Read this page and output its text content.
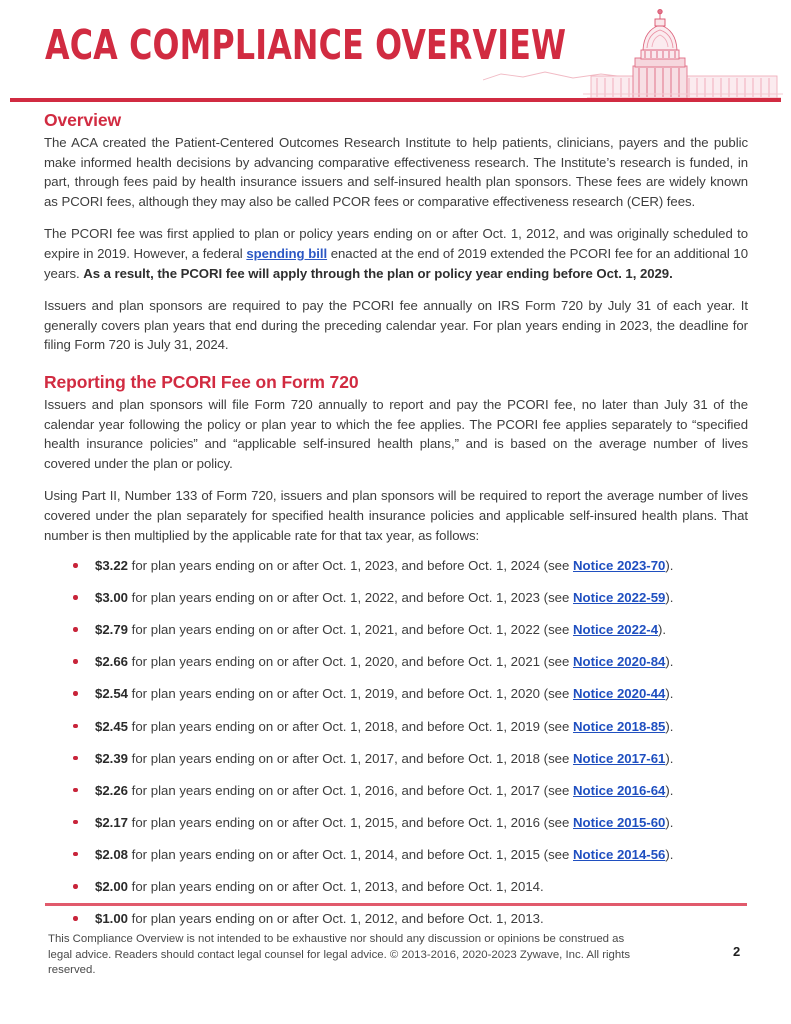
ACA COMPLIANCE OVERVIEW
Overview

The ACA created the Patient-Centered Outcomes Research Institute to help patients, clinicians, payers and the public make informed health decisions by advancing comparative effectiveness research. The Institute’s research is funded, in part, through fees paid by health insurance issuers and self-insured health plan sponsors. These fees are widely known as PCORI fees, although they may also be called PCOR fees or comparative effectiveness research (CER) fees.

The PCORI fee was first applied to plan or policy years ending on or after Oct. 1, 2012, and was originally scheduled to expire in 2019. However, a federal spending bill enacted at the end of 2019 extended the PCORI fee for an additional 10 years. As a result, the PCORI fee will apply through the plan or policy year ending before Oct. 1, 2029.

Issuers and plan sponsors are required to pay the PCORI fee annually on IRS Form 720 by July 31 of each year. It generally covers plan years that end during the preceding calendar year. For plan years ending in 2023, the deadline for filing Form 720 is July 31, 2024.

Reporting the PCORI Fee on Form 720

Issuers and plan sponsors will file Form 720 annually to report and pay the PCORI fee, no later than July 31 of the calendar year following the policy or plan year to which the fee applies. The PCORI fee applies separately to “specified health insurance policies” and “applicable self-insured health plans,” and is based on the average number of lives covered under the plan or policy.

Using Part II, Number 133 of Form 720, issuers and plan sponsors will be required to report the average number of lives covered under the plan separately for specified health insurance policies and applicable self-insured health plans. That number is then multiplied by the applicable rate for that tax year, as follows:

$3.22 for plan years ending on or after Oct. 1, 2023, and before Oct. 1, 2024 (see Notice 2023-70).
$3.00 for plan years ending on or after Oct. 1, 2022, and before Oct. 1, 2023 (see Notice 2022-59).
$2.79 for plan years ending on or after Oct. 1, 2021, and before Oct. 1, 2022 (see Notice 2022-4).
$2.66 for plan years ending on or after Oct. 1, 2020, and before Oct. 1, 2021 (see Notice 2020-84).
$2.54 for plan years ending on or after Oct. 1, 2019, and before Oct. 1, 2020 (see Notice 2020-44).
$2.45 for plan years ending on or after Oct. 1, 2018, and before Oct. 1, 2019 (see Notice 2018-85).
$2.39 for plan years ending on or after Oct. 1, 2017, and before Oct. 1, 2018 (see Notice 2017-61).
$2.26 for plan years ending on or after Oct. 1, 2016, and before Oct. 1, 2017 (see Notice 2016-64).
$2.17 for plan years ending on or after Oct. 1, 2015, and before Oct. 1, 2016 (see Notice 2015-60).
$2.08 for plan years ending on or after Oct. 1, 2014, and before Oct. 1, 2015 (see Notice 2014-56).
$2.00 for plan years ending on or after Oct. 1, 2013, and before Oct. 1, 2014.
$1.00 for plan years ending on or after Oct. 1, 2012, and before Oct. 1, 2013.
This Compliance Overview is not intended to be exhaustive nor should any discussion or opinions be construed as legal advice. Readers should contact legal counsel for legal advice. © 2013-2016, 2020-2023 Zywave, Inc. All rights reserved.
2
